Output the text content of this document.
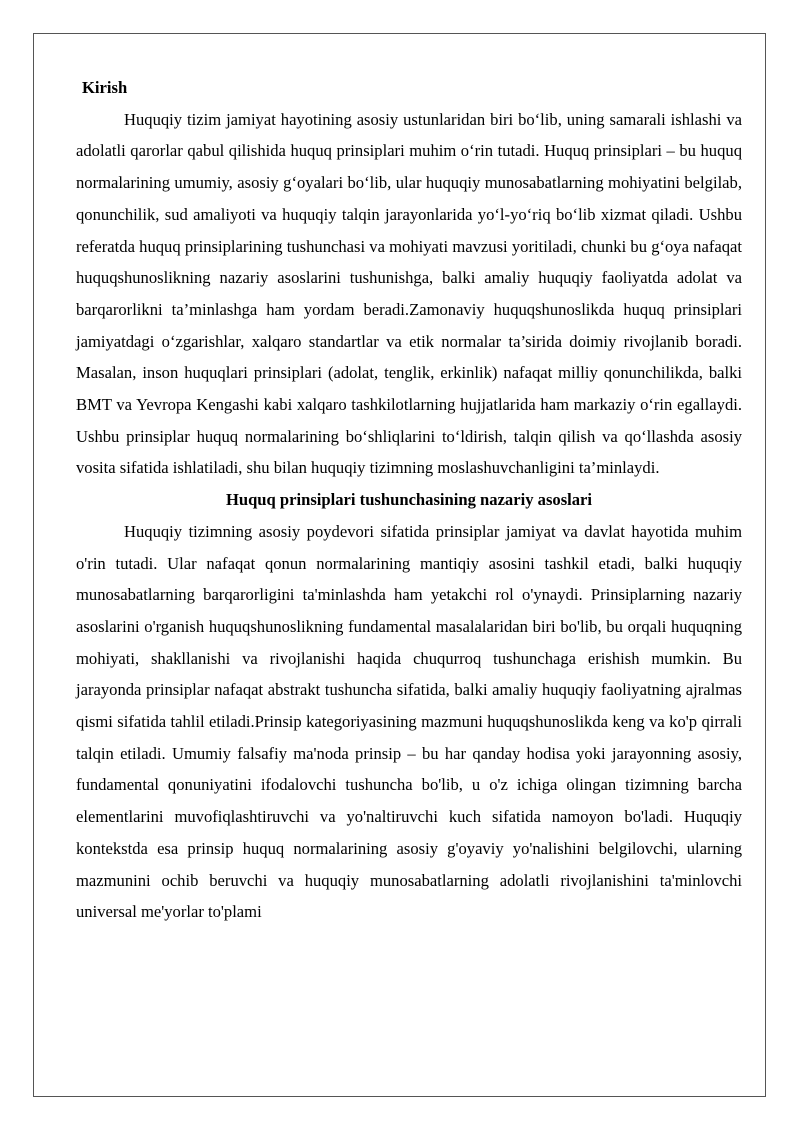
Kirish

Huquqiy tizim jamiyat hayotining asosiy ustunlaridan biri bo‘lib, uning samarali ishlashi va adolatli qarorlar qabul qilishida huquq prinsiplari muhim o‘rin tutadi. Huquq prinsiplari – bu huquq normalarining umumiy, asosiy g‘oyalari bo‘lib, ular huquqiy munosabatlarning mohiyatini belgilab, qonunchilik, sud amaliyoti va huquqiy talqin jarayonlarida yo‘l-yo‘riq bo‘lib xizmat qiladi. Ushbu referatda huquq prinsiplarining tushunchasi va mohiyati mavzusi yoritiladi, chunki bu g‘oya nafaqat huquqshunoslikning nazariy asoslarini tushunishga, balki amaliy huquqiy faoliyatda adolat va barqarorlikni ta’minlashga ham yordam beradi.Zamonaviy huquqshunoslikda huquq prinsiplari jamiyatdagi o‘zgarishlar, xalqaro standartlar va etik normalar ta’sirida doimiy rivojlanib boradi. Masalan, inson huquqlari prinsiplari (adolat, tenglik, erkinlik) nafaqat milliy qonunchilikda, balki BMT va Yevropa Kengashi kabi xalqaro tashkilotlarning hujjatlarida ham markaziy o‘rin egallaydi. Ushbu prinsiplar huquq normalarining bo‘shliqlarini to‘ldirish, talqin qilish va qo‘llashda asosiy vosita sifatida ishlatiladi, shu bilan huquqiy tizimning moslashuvchanligini ta’minlaydi.

Huquq prinsiplari tushunchasining nazariy asoslari

Huquqiy tizimning asosiy poydevori sifatida prinsiplar jamiyat va davlat hayotida muhim o'rin tutadi. Ular nafaqat qonun normalarining mantiqiy asosini tashkil etadi, balki huquqiy munosabatlarning barqarorligini ta'minlashda ham yetakchi rol o'ynaydi. Prinsiplarning nazariy asoslarini o'rganish huquqshunoslikning fundamental masalalaridan biri bo'lib, bu orqali huquqning mohiyati, shakllanishi va rivojlanishi haqida chuqurroq tushunchaga erishish mumkin. Bu jarayonda prinsiplar nafaqat abstrakt tushuncha sifatida, balki amaliy huquqiy faoliyatning ajralmas qismi sifatida tahlil etiladi.Prinsip kategoriyasining mazmuni huquqshunoslikda keng va ko'p qirrali talqin etiladi. Umumiy falsafiy ma'noda prinsip – bu har qanday hodisa yoki jarayonning asosiy, fundamental qonuniyatini ifodalovchi tushuncha bo'lib, u o'z ichiga olingan tizimning barcha elementlarini muvofiqlashtiruvchi va yo'naltiruvchi kuch sifatida namoyon bo'ladi. Huquqiy kontekstda esa prinsip huquq normalarining asosiy g'oyaviy yo'nalishini belgilovchi, ularning mazmunini ochib beruvchi va huquqiy munosabatlarning adolatli rivojlanishini ta'minlovchi universal me'yorlar to'plami
